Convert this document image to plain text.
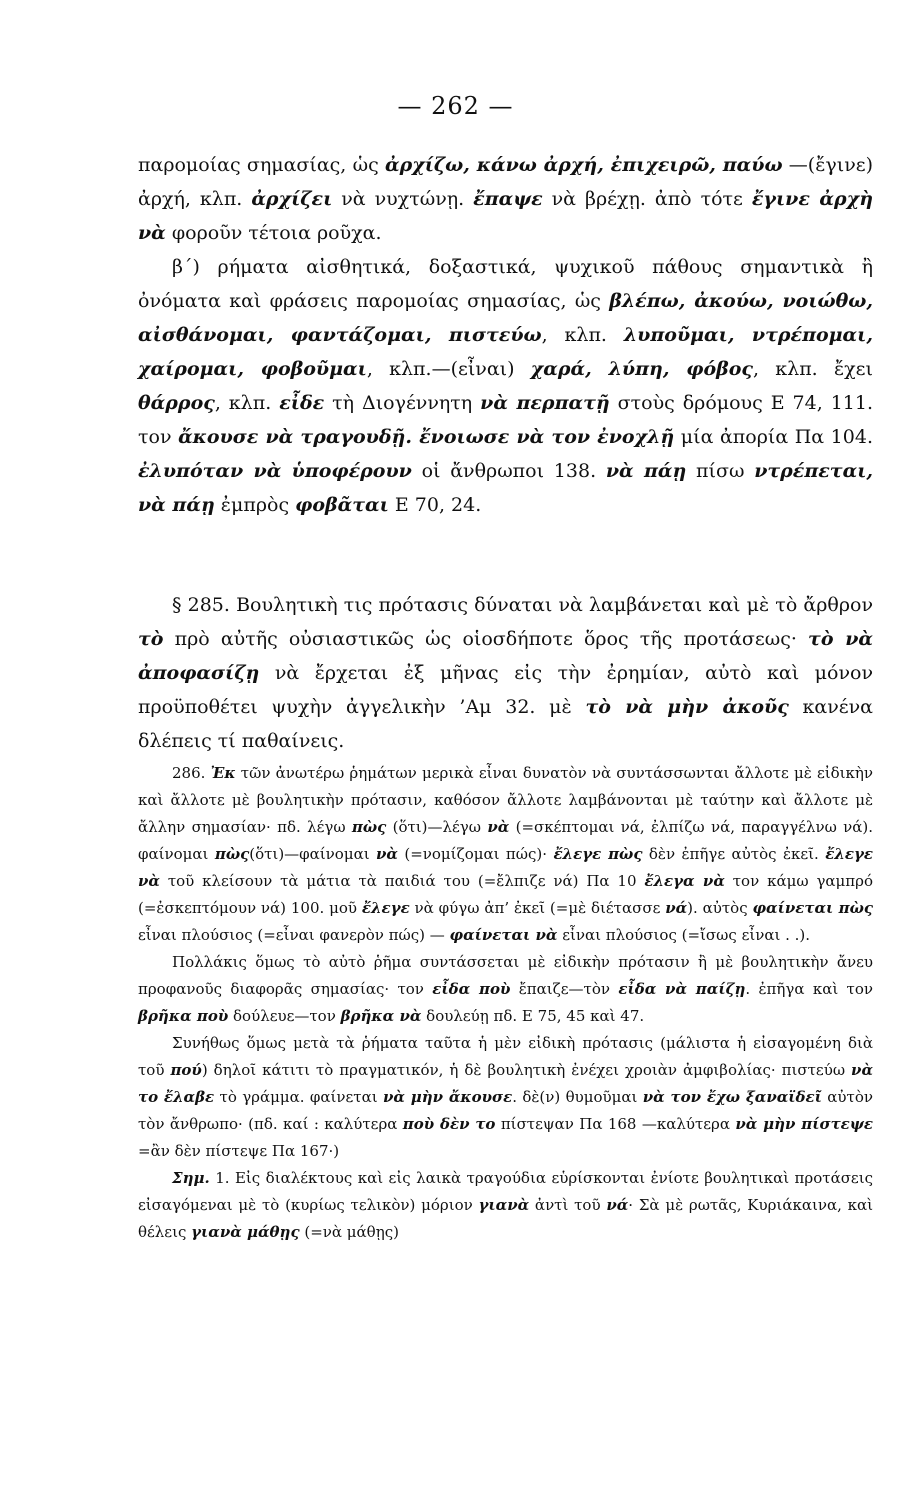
— 262 —

παρομοίας σημασίας, ὡς ἀρχίζω, κάνω ἀρχή, ἐπιχειρῶ, παύω —(ἔγινε) ἀρχή, κλπ. ἀρχίζει νὰ νυχτώνῃ. ἔπαψε νὰ βρέχῃ. ἀπὸ τότε ἔγινε ἀρχὴ νὰ φοροῦν τέτοια ροῦχα.

β΄) ρήματα αἰσθητικά, δοξαστικά, ψυχικοῦ πάθους σημαντικὰ ἢ ὀνόματα καὶ φράσεις παρομοίας σημασίας, ὡς βλέπω, ἀκούω, νοιώθω, αἰσθάνομαι, φαντάζομαι, πιστεύω, κλπ. λυποῦμαι, ντρέπομαι, χαίρομαι, φοβοῦμαι, κλπ.—(εἶναι) χαρά, λύπη, φόβος, κλπ. ἔχει θάρρος, κλπ. εἶδε τὴ Διογέννητη νὰ περπατῇ στοὺς δρόμους Ε 74, 111. τον ἄκουσε νὰ τραγουδῇ. ἔνοιωσε νὰ τον ἐνοχλῇ μία ἀπορία Πα 104. ἐλυπόταν νὰ ὑποφέρουν οἱ ἄνθρωποι 138. νὰ πάῃ πίσω ντρέπεται, νὰ πάῃ ἐμπρὸς φοβᾶται Ε 70, 24.

§ 285. Βουλητικὴ τις πρότασις δύναται νὰ λαμβάνεται καὶ μὲ τὸ ἄρθρον τὸ πρὸ αὐτῆς οὐσιαστικῶς ὡς οἱοσδήποτε ὅρος τῆς προτάσεως· τὸ νὰ ἀποφασίζῃ νὰ ἔρχεται ἐξ μῆνας εἰς τὴν ἐρημίαν, αὐτὸ καὶ μόνον προϋποθέτει ψυχὴν ἀγγελικὴν ’Αμ 32. μὲ τὸ νὰ μὴν ἀκοῦς κανένα δλέπεις τί παθαίνεις.

286. Ἐκ τῶν ἀνωτέρω ῥημάτων μερικὰ εἶναι δυνατὸν νὰ συντάσσωνται ἄλλοτε μὲ εἰδικὴν καὶ ἄλλοτε μὲ βουλητικὴν πρότασιν, καθόσον ἄλλοτε λαμβάνονται μὲ ταύτην καὶ ἄλλοτε μὲ ἄλλην σημασίαν· πδ. λέγω πὼς (ὅτι)—λέγω νὰ (=σκέπτομαι νά, ἐλπίζω νά, παραγγέλνω νά). φαίνομαι πὼς(ὅτι)—φαίνομαι νὰ (=νομίζομαι πώς)· ἔλεγε πὼς δὲν ἐπῆγε αὐτὸς ἐκεῖ. ἔλεγε νὰ τοῦ κλείσουν τὰ μάτια τὰ παιδιά του (=ἔλπιζε νά) Πα 10 ἔλεγα νὰ τον κάμω γαμπρό (=ἐσκεπτόμουν νά) 100. μοῦ ἔλεγε νὰ φύγω ἀπ’ ἐκεῖ (=μὲ διέτασσε νά). αὐτὸς φαίνεται πὼς εἶναι πλούσιος (=εἶναι φανερὸν πώς) — φαίνεται νὰ εἶναι πλούσιος (=ἴσως εἶναι . .).

Πολλάκις ὅμως τὸ αὐτὸ ῥῆμα συντάσσεται μὲ εἰδικὴν πρότασιν ἢ μὲ βουλητικὴν ἄνευ προφανοῦς διαφορᾶς σημασίας· τον εἶδα ποὺ ἔπαιζε—τὸν εἶδα νὰ παίζῃ. ἐπῆγα καὶ τον βρῆκα ποὺ δούλευε—τον βρῆκα νὰ δουλεύῃ πδ. Ε 75, 45 καὶ 47.

Συνήθως ὅμως μετὰ τὰ ῥήματα ταῦτα ἡ μὲν εἰδικὴ πρότασις (μάλιστα ἡ εἰσαγομένη διὰ τοῦ πού) δηλοῖ κάτιτι τὸ πραγματικόν, ἡ δὲ βουλητικὴ ἐνέχει χροιὰν ἀμφιβολίας· πιστεύω νὰ το ἔλαβε τὸ γράμμα. φαίνεται νὰ μὴν ἄκουσε. δὲ(ν) θυμοῦμαι νὰ τον ἔχω ξαναϊδεῖ αὐτὸν τὸν ἄνθρωπο· (πδ. καί : καλύτερα ποὺ δὲν το πίστεψαν Πα 168 —καλύτερα νὰ μὴν πίστεψε =ἂν δὲν πίστεψε Πα 167·)

Σημ. 1. Εἰς διαλέκτους καὶ εἰς λαικὰ τραγούδια εὑρίσκονται ἐνίοτε βουλητικαὶ προτάσεις εἰσαγόμεναι μὲ τὸ (κυρίως τελικὸν) μόριον γιανὰ ἀντὶ τοῦ νά· Σὰ μὲ ρωτᾶς, Κυριάκαινα, καὶ θέλεις γιανὰ μάθῃς (=νὰ μάθῃς)
